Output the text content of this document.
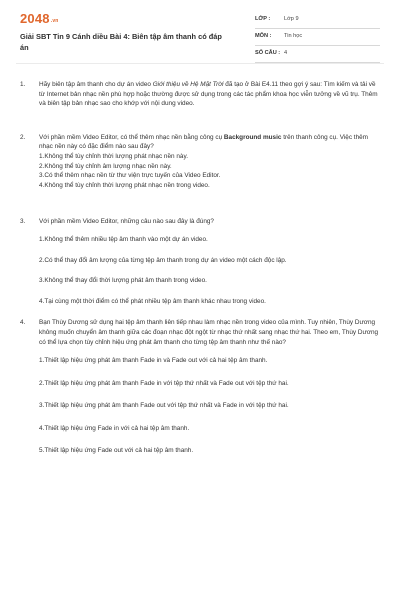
2048.vn
Giải SBT Tin 9 Cánh diều Bài 4: Biên tập âm thanh có đáp án
LỚP : Lớp 9
MÔN : Tin học
SỐ CÂU : 4
1. Hãy biên tập âm thanh cho dự án video Giới thiệu về Hệ Mặt Trời đã tạo ở Bài E4.11 theo gợi ý sau: Tìm kiếm và tải về từ Internet bản nhạc nền phù hợp hoặc thường được sử dụng trong các tác phẩm khoa học viễn tưởng về vũ trụ. Thêm và biên tập bản nhạc sao cho khớp với nội dung video.
2. Với phần mềm Video Editor, có thể thêm nhạc nền bằng công cụ Background music trên thanh công cụ. Việc thêm nhạc nền này có đặc điểm nào sau đây?
1.Không thể tùy chỉnh thời lượng phát nhạc nền này.
2.Không thể tùy chỉnh âm lượng nhạc nền này.
3.Có thể thêm nhạc nền từ thư viện trực tuyến của Video Editor.
4.Không thể tùy chỉnh thời lượng phát nhạc nền trong video.
3. Với phần mềm Video Editor, những câu nào sau đây là đúng?
1.Không thể thêm nhiều tệp âm thanh vào một dự án video.
2.Có thể thay đổi âm lượng của từng tệp âm thanh trong dự án video một cách độc lập.
3.Không thể thay đổi thời lượng phát âm thanh trong video.
4.Tại cùng một thời điểm có thể phát nhiều tệp âm thanh khác nhau trong video.
4. Bạn Thùy Dương sử dụng hai tệp âm thanh liên tiếp nhau làm nhạc nền trong video của mình. Tuy nhiên, Thùy Dương không muốn chuyển âm thanh giữa các đoạn nhạc đột ngột từ nhạc thứ nhất sang nhạc thứ hai. Theo em, Thùy Dương có thể lựa chọn tùy chỉnh hiệu ứng phát âm thanh cho từng tệp âm thanh như thế nào?
1.Thiết lập hiệu ứng phát âm thanh Fade in và Fade out với cả hai tệp âm thanh.
2.Thiết lập hiệu ứng phát âm thanh Fade in với tệp thứ nhất và Fade out với tệp thứ hai.
3.Thiết lập hiệu ứng phát âm thanh Fade out với tệp thứ nhất và Fade in với tệp thứ hai.
4.Thiết lập hiệu ứng Fade in với cả hai tệp âm thanh.
5.Thiết lập hiệu ứng Fade out với cả hai tệp âm thanh.
